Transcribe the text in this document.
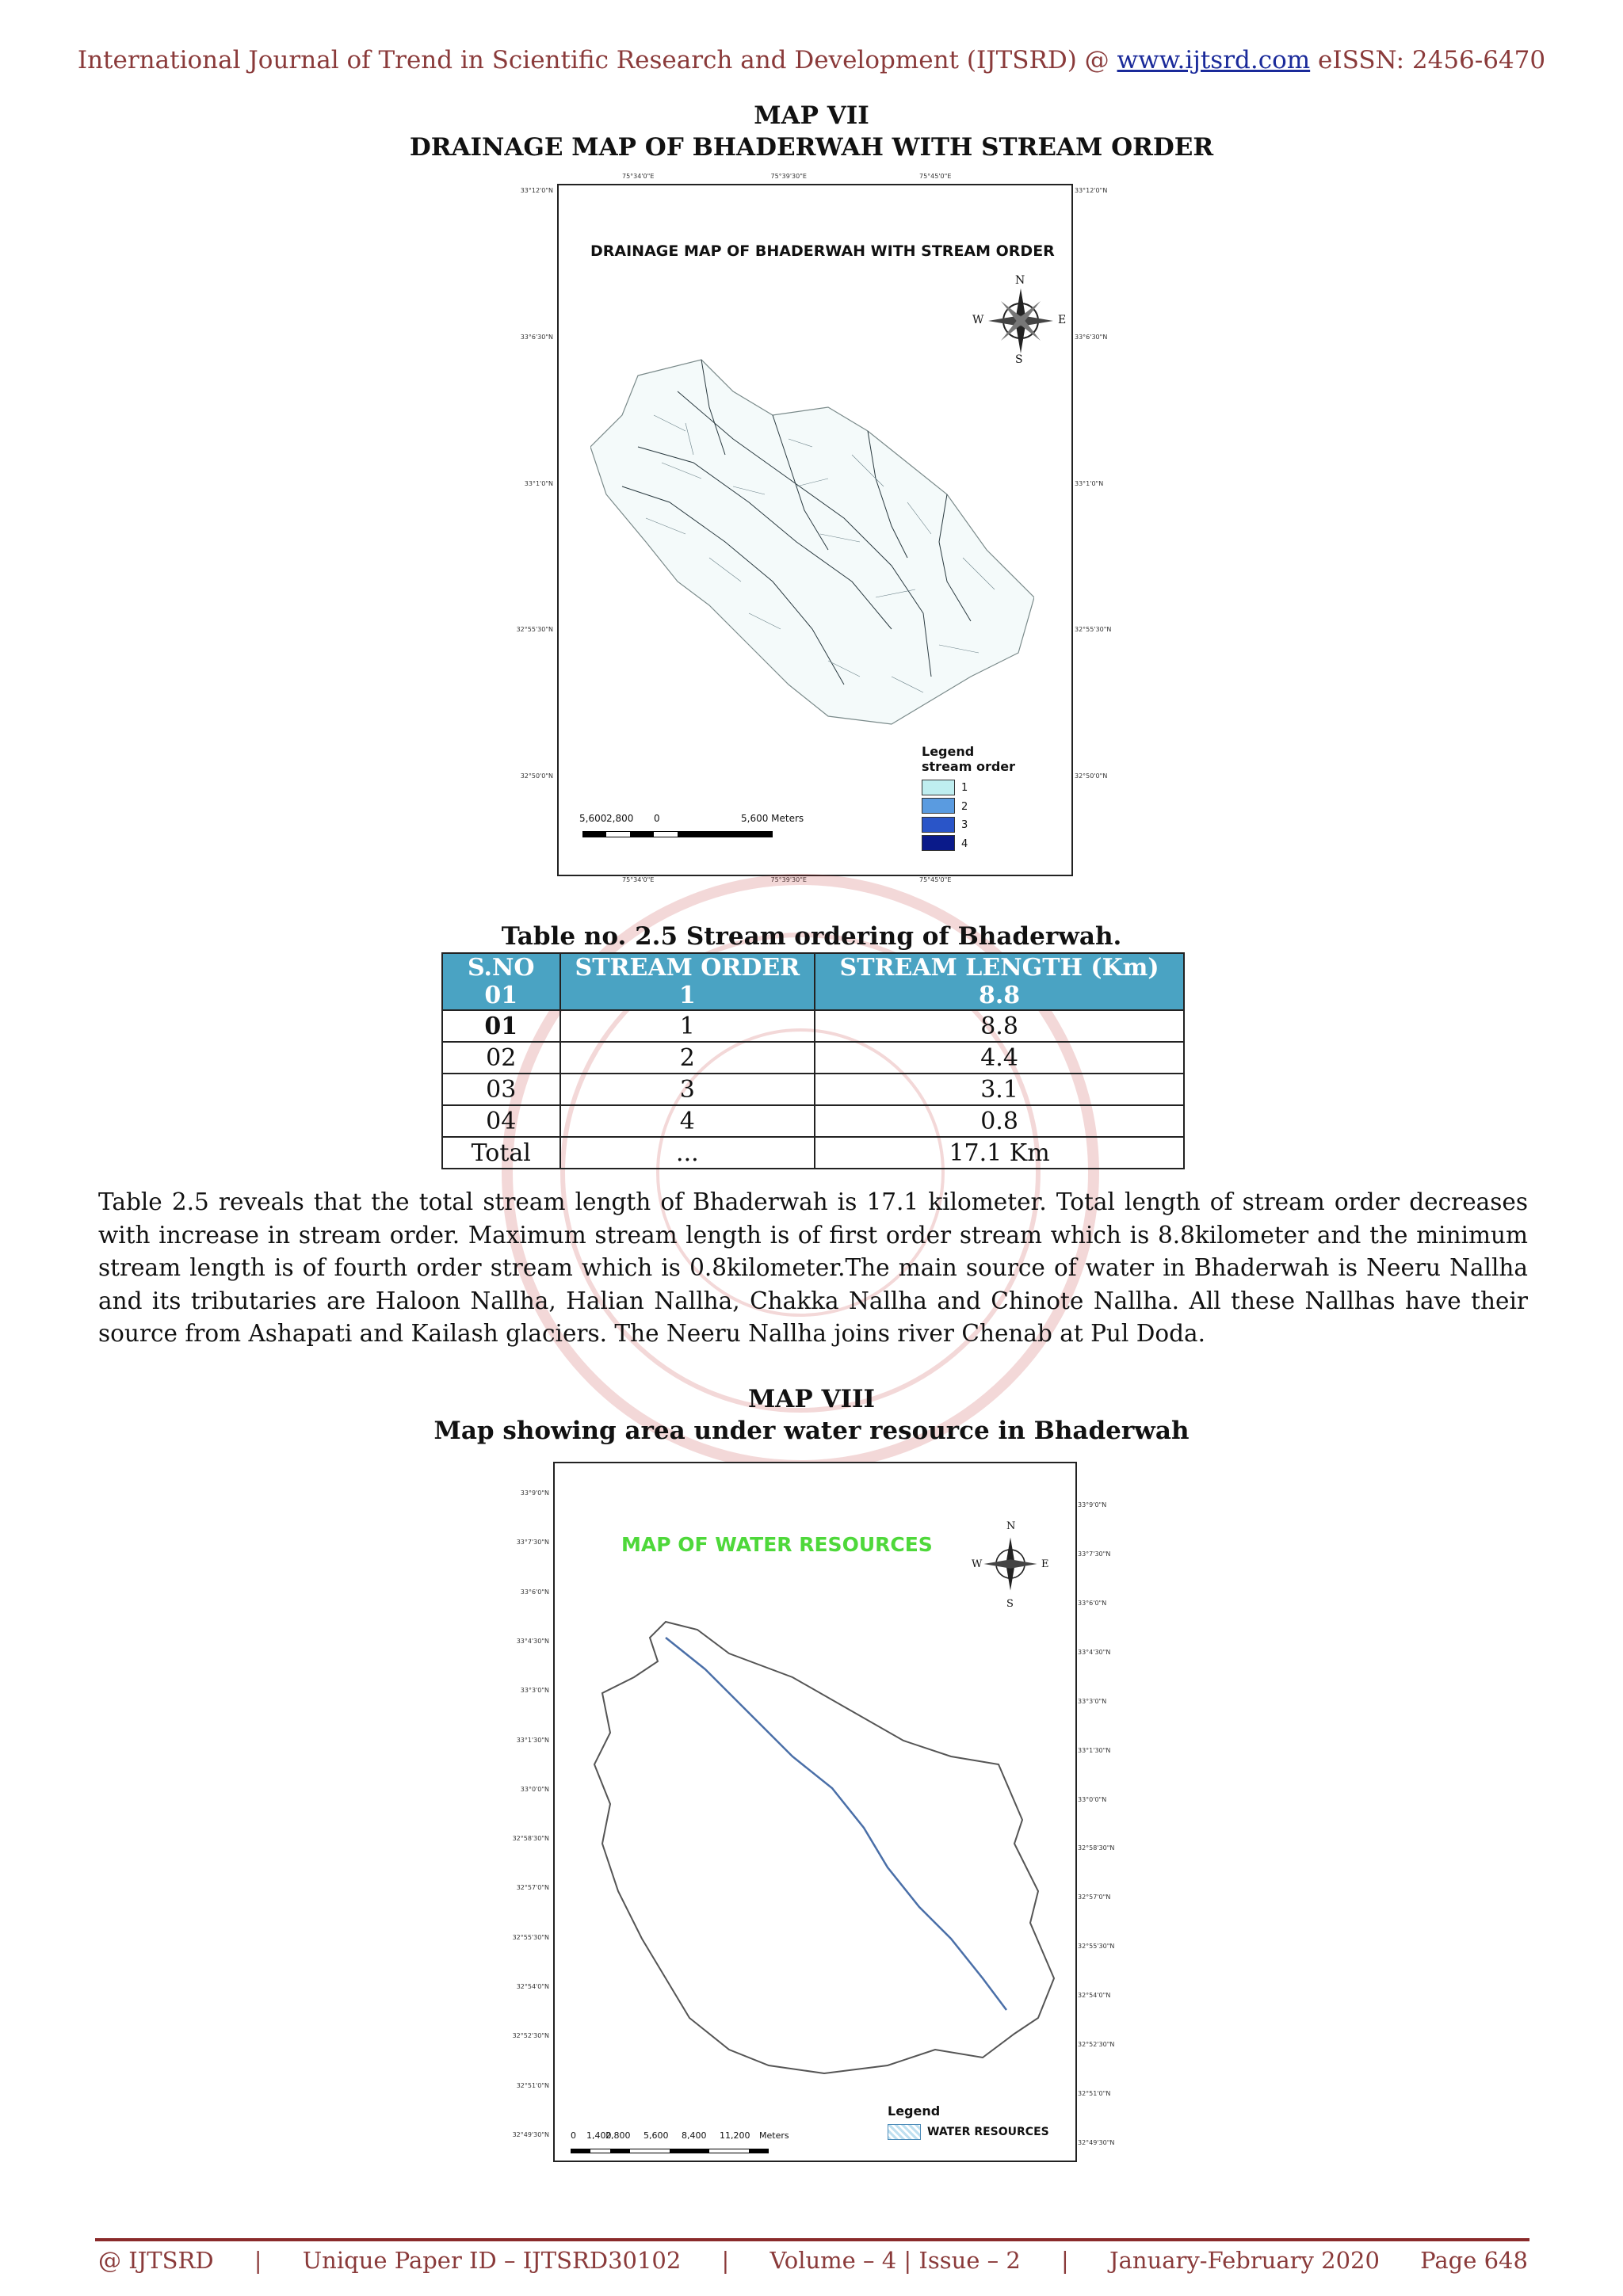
International Journal of Trend in Scientific Research and Development (IJTSRD) @ www.ijtsrd.com eISSN: 2456-6470
MAP VII
DRAINAGE MAP OF BHADERWAH WITH STREAM ORDER
DRAINAGE MAP OF BHADERWAH WITH STREAM ORDER
N
S
W	E
Legend
stream order
1
2
3
4
5,600 2,800 0	5,600 Meters
33°12'0"N
33°6'30"N
33°1'0"N
32°55'30"N
32°50'0"N
33°12'0"N
33°6'30"N
33°1'0"N
32°55'30"N
32°50'0"N
75°34'0"E	75°39'30"E	75°45'0"E
75°34'0"E	75°39'30"E	75°45'0"E
Table no. 2.5 Stream ordering of Bhaderwah.
S.NO 01	STREAM ORDER 1	STREAM LENGTH (Km) 8.8
01	1	8.8
02	2	4.4
03	3	3.1
04	4	0.8
Total	...	17.1 Km
Table 2.5 reveals that the total stream length of Bhaderwah is 17.1 kilometer. Total length of stream order decreases with increase in stream order. Maximum stream length is of first order stream which is 8.8kilometer and the minimum stream length is of fourth order stream which is 0.8kilometer.The main source of water in Bhaderwah is Neeru Nallha and its tributaries are Haloon Nallha, Halian Nallha, Chakka Nallha and Chinote Nallha. All these Nallhas have their source from Ashapati and Kailash glaciers. The Neeru Nallha joins river Chenab at Pul Doda.
MAP VIII
Map showing area under water resource in Bhaderwah
MAP OF WATER RESOURCES
N
S
W	E
Legend
WATER RESOURCES
0 1,400
2,800 5,600 8,400 11,200 Meters
33°9'0"N
33°7'30"N
33°6'0"N
33°4'30"N
33°3'0"N
33°1'30"N
33°0'0"N
32°58'30"N
32°57'0"N
32°55'30"N
32°54'0"N
32°52'30"N
32°51'0"N
32°49'30"N
33°9'0"N
33°7'30"N
33°6'0"N
33°4'30"N
33°3'0"N
33°1'30"N
33°0'0"N
32°58'30"N
32°57'0"N
32°55'30"N
32°54'0"N
32°52'30"N
32°51'0"N
32°49'30"N
@ IJTSRD | Unique Paper ID – IJTSRD30102 | Volume – 4 | Issue – 2 | January-February 2020 Page 648
